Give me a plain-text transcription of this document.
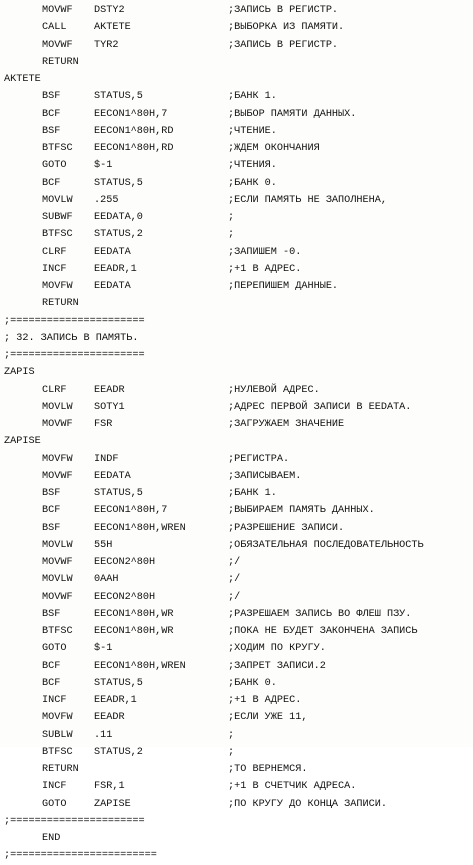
MOVWF DSTY2	;ЗАПИСЬ В РЕГИСТР.
CALL	AKTETE	;ВЫБОРКА ИЗ ПАМЯТИ.
MOVWF TYR2	;ЗАПИСЬ В РЕГИСТР.
RETURN
AKTETE
BSF	STATUS,5	;БАНК 1.
BCF	EECON1^80H,7	;ВЫБОР ПАМЯТИ ДАННЫХ.
BSF	EECON1^80H,RD	;ЧТЕНИЕ.
BTFSC EECON1^80H,RD	;ЖДЕМ ОКОНЧАНИЯ
GOTO	$-1	;ЧТЕНИЯ.
BCF	STATUS,5	;БАНК 0.
MOVLW .255	;ЕСЛИ ПАМЯТЬ НЕ ЗАПОЛНЕНА,
SUBWF EEDATA,0	;
BTFSC STATUS,2	;
CLRF	EEDATA	;ЗАПИШЕМ -0.
INCF	EEADR,1	;+1 В АДРЕС.
MOVFW EEDATA	;ПЕРЕПИШЕМ ДАННЫЕ.
RETURN
;======================
; 32. ЗАПИСЬ В ПАМЯТЬ.
;======================
ZAPIS
CLRF	EEADR	;НУЛЕВОЙ АДРЕС.
MOVLW SOTY1	;АДРЕС ПЕРВОЙ ЗАПИСИ В EEDATA.
MOVWF FSR	;ЗАГРУЖАЕМ ЗНАЧЕНИЕ
ZAPISE
MOVFW INDF	;РЕГИСТРА.
MOVWF EEDATA	;ЗАПИСЫВАЕМ.
BSF	STATUS,5	;БАНК 1.
BCF	EECON1^80H,7	;ВЫБИРАЕМ ПАМЯТЬ ДАННЫХ.
BSF	EECON1^80H,WREN	;РАЗРЕШЕНИЕ ЗАПИСИ.
MOVLW 55H	;ОБЯЗАТЕЛЬНАЯ ПОСЛЕДОВАТЕЛЬНОСТЬ
MOVWF EECON2^80H	;/
MOVLW 0AAH	;/
MOVWF EECON2^80H	;/
BSF	EECON1^80H,WR	;РАЗРЕШАЕМ ЗАПИСЬ ВО ФЛЕШ ПЗУ.
BTFSC EECON1^80H,WR	;ПОКА НЕ БУДЕТ ЗАКОНЧЕНА ЗАПИСЬ
GOTO	$-1	;ХОДИМ ПО КРУГУ.
BCF	EECON1^80H,WREN	;ЗАПРЕТ ЗАПИСИ.2
BCF	STATUS,5	;БАНК 0.
INCF	EEADR,1	;+1 В АДРЕС.
MOVFW EEADR	;ЕСЛИ УЖЕ 11,
SUBLW .11	;
BTFSC STATUS,2	;
RETURN	;ТО ВЕРНЕМСЯ.
INCF	FSR,1	;+1 В СЧЕТЧИК АДРЕСА.
GOTO	ZAPISE	;ПО КРУГУ ДО КОНЦА ЗАПИСИ.
;======================
END
;========================
